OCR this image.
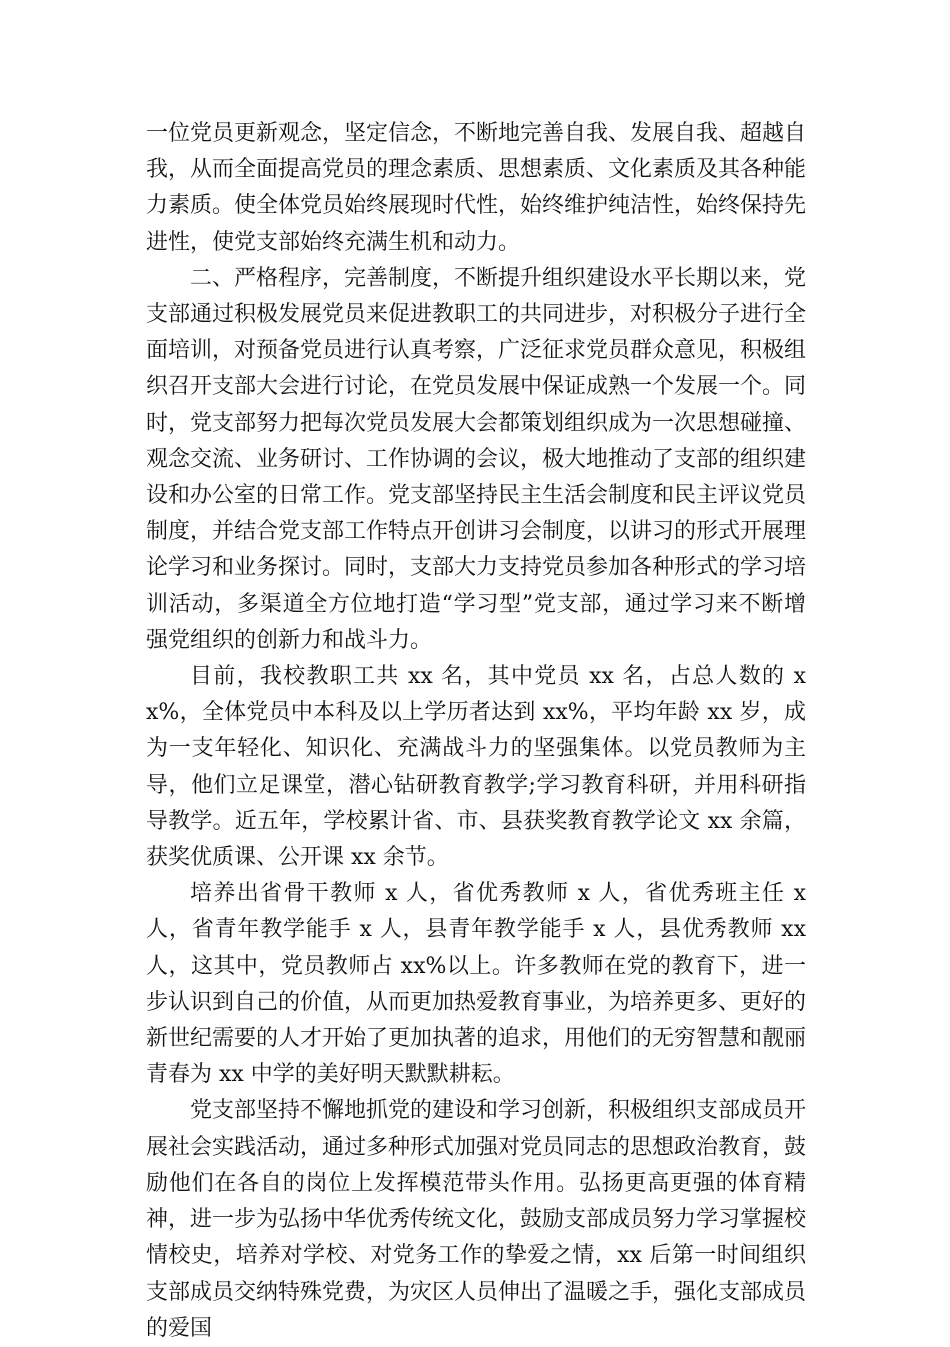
一位党员更新观念，坚定信念，不断地完善自我、发展自我、超越自我，从而全面提高党员的理念素质、思想素质、文化素质及其各种能力素质。使全体党员始终展现时代性，始终维护纯洁性，始终保持先进性，使党支部始终充满生机和动力。

二、严格程序，完善制度，不断提升组织建设水平长期以来，党支部通过积极发展党员来促进教职工的共同进步，对积极分子进行全面培训，对预备党员进行认真考察，广泛征求党员群众意见，积极组织召开支部大会进行讨论，在党员发展中保证成熟一个发展一个。同时，党支部努力把每次党员发展大会都策划组织成为一次思想碰撞、观念交流、业务研讨、工作协调的会议，极大地推动了支部的组织建设和办公室的日常工作。党支部坚持民主生活会制度和民主评议党员制度，并结合党支部工作特点开创讲习会制度，以讲习的形式开展理论学习和业务探讨。同时，支部大力支持党员参加各种形式的学习培训活动，多渠道全方位地打造“学习型”党支部，通过学习来不断增强党组织的创新力和战斗力。

目前，我校教职工共 xx 名，其中党员 xx 名，占总人数的 xx%，全体党员中本科及以上学历者达到 xx%，平均年龄 xx 岁，成为一支年轻化、知识化、充满战斗力的坚强集体。以党员教师为主导，他们立足课堂，潜心钻研教育教学;学习教育科研，并用科研指导教学。近五年，学校累计省、市、县获奖教育教学论文 xx 余篇，获奖优质课、公开课 xx 余节。

培养出省骨干教师 x 人，省优秀教师 x 人，省优秀班主任 x 人，省青年教学能手 x 人，县青年教学能手 x 人，县优秀教师 xx 人，这其中，党员教师占 xx%以上。许多教师在党的教育下，进一步认识到自己的价值，从而更加热爱教育事业，为培养更多、更好的新世纪需要的人才开始了更加执著的追求，用他们的无穷智慧和靓丽青春为 xx 中学的美好明天默默耕耘。

党支部坚持不懈地抓党的建设和学习创新，积极组织支部成员开展社会实践活动，通过多种形式加强对党员同志的思想政治教育，鼓励他们在各自的岗位上发挥模范带头作用。弘扬更高更强的体育精神，进一步为弘扬中华优秀传统文化，鼓励支部成员努力学习掌握校情校史，培养对学校、对党务工作的挚爱之情，xx 后第一时间组织支部成员交纳特殊党费，为灾区人员伸出了温暖之手，强化支部成员的爱国
